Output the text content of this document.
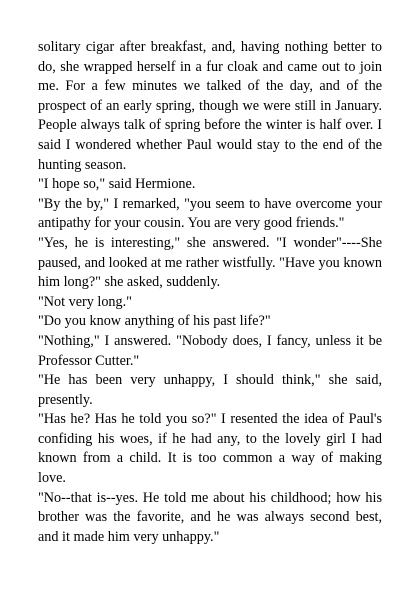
solitary cigar after breakfast, and, having nothing better to do, she wrapped herself in a fur cloak and came out to join me. For a few minutes we talked of the day, and of the prospect of an early spring, though we were still in January. People always talk of spring before the winter is half over. I said I wondered whether Paul would stay to the end of the hunting season.

"I hope so," said Hermione.

"By the by," I remarked, "you seem to have overcome your antipathy for your cousin. You are very good friends."

"Yes, he is interesting," she answered. "I wonder"----She paused, and looked at me rather wistfully. "Have you known him long?" she asked, suddenly.

"Not very long."

"Do you know anything of his past life?"

"Nothing," I answered. "Nobody does, I fancy, unless it be Professor Cutter."

"He has been very unhappy, I should think," she said, presently.

"Has he? Has he told you so?" I resented the idea of Paul's confiding his woes, if he had any, to the lovely girl I had known from a child. It is too common a way of making love.

"No--that is--yes. He told me about his childhood; how his brother was the favorite, and he was always second best, and it made him very unhappy."
